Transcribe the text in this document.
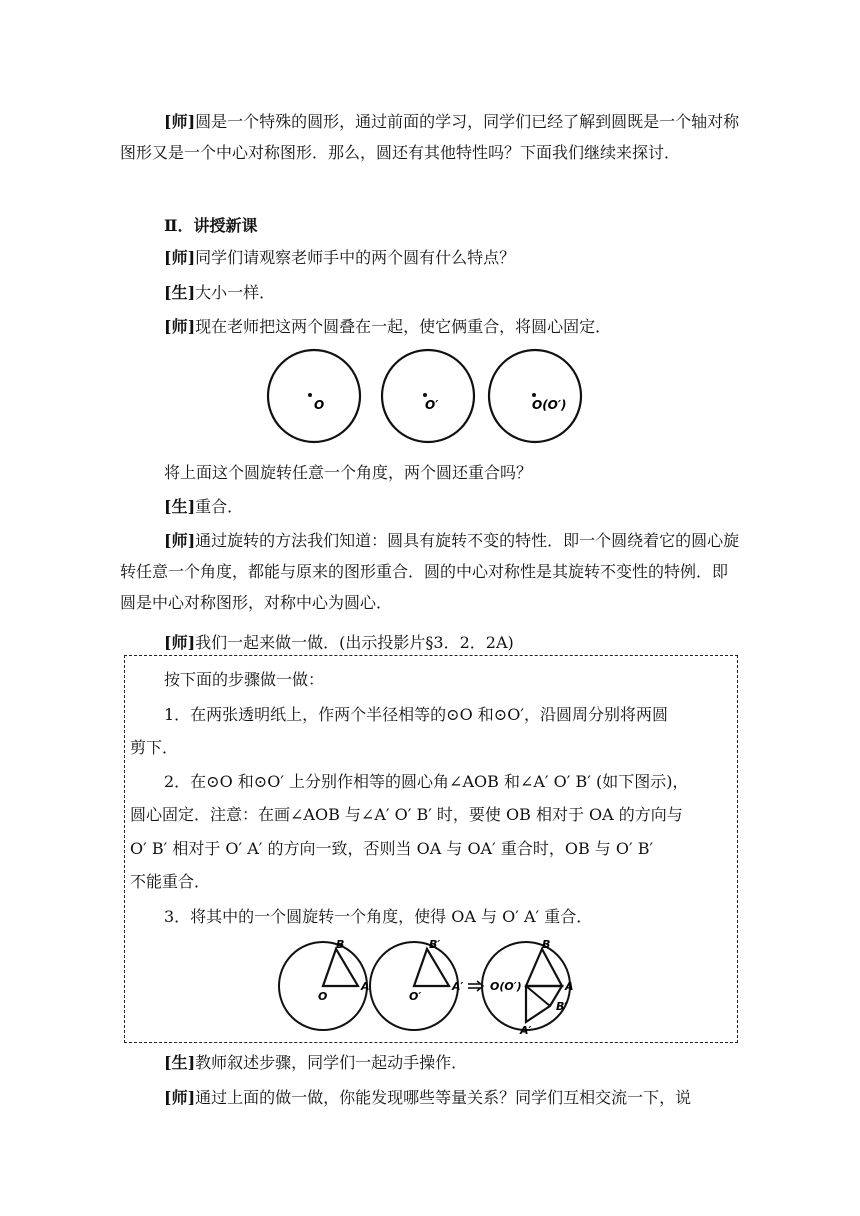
[师]圆是一个特殊的圆形，通过前面的学习，同学们已经了解到圆既是一个轴对称图形又是一个中心对称图形．那么，圆还有其他特性吗？下面我们继续来探讨．
Ⅱ．讲授新课
[师]同学们请观察老师手中的两个圆有什么特点？
[生]大小一样．
[师]现在老师把这两个圆叠在一起，使它俩重合，将圆心固定．
O	O′	O(O′)
将上面这个圆旋转任意一个角度，两个圆还重合吗？
[生]重合．
[师]通过旋转的方法我们知道：圆具有旋转不变的特性．即一个圆绕着它的圆心旋转任意一个角度，都能与原来的图形重合．圆的中心对称性是其旋转不变性的特例．即圆是中心对称图形，对称中心为圆心．
[师]我们一起来做一做．(出示投影片§3．2．2A)
按下面的步骤做一做：
1．在两张透明纸上，作两个半径相等的⊙O 和⊙O′，沿圆周分别将两圆
剪下．
2．在⊙O 和⊙O′ 上分别作相等的圆心角∠AOB 和∠A′ O′ B′ (如下图示)，
圆心固定．注意：在画∠AOB 与∠A′ O′ B′ 时，要使 OB 相对于 OA 的方向与
O′ B′ 相对于 O′ A′ 的方向一致，否则当 OA 与 OA′ 重合时，OB 与 O′ B′
不能重合．
3．将其中的一个圆旋转一个角度，使得 OA 与 O′ A′ 重合．
B
O
A
B′
O′
A′
B
O(O′)	A
B′
A′
[生]教师叙述步骤，同学们一起动手操作．
[师]通过上面的做一做，你能发现哪些等量关系？同学们互相交流一下，说
